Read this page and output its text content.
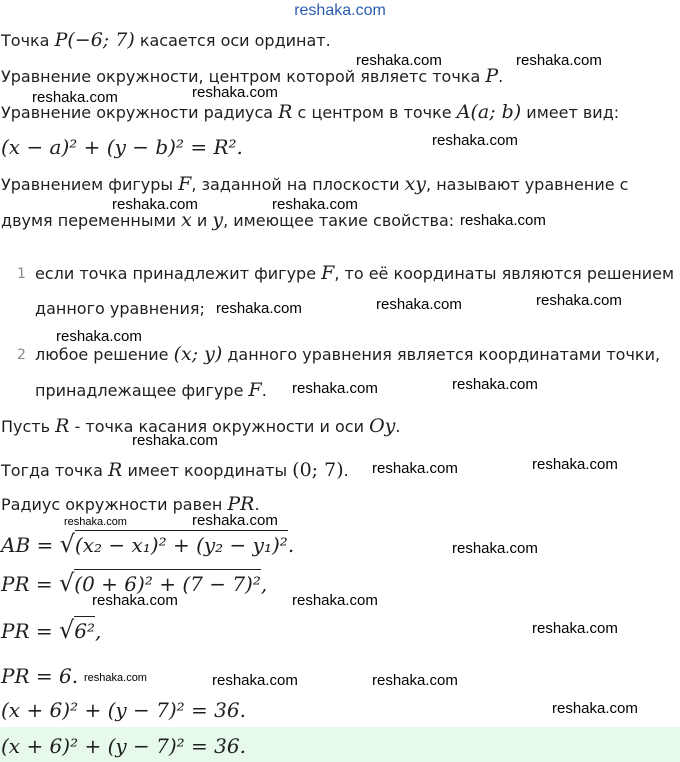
reshaka.com
Точка P(−6; 7) касается оси ординат.
Уравнение окружности, центром которой являетс точка P.
Уравнение окружности радиуса R с центром в точке A(a; b) имеет вид:
(x − a)² + (y − b)² = R².
Уравнением фигуры F, заданной на плоскости xy, называют уравнение с
двумя переменными x и y, имеющее такие свойства:
1 если точка принадлежит фигуре F, то её координаты являются решением
данного уравнения;
2 любое решение (x; y) данного уравнения является координатами точки,
принадлежащее фигуре F.
Пусть R - точка касания окружности и оси Oy.
Тогда точка R имеет координаты (0; 7).
Радиус окружности равен PR.
AB = √(x₂ − x₁)² + (y₂ − y₁)².
PR = √(0 + 6)² + (7 − 7)²,
PR = √6²,
PR = 6.
(x + 6)² + (y − 7)² = 36.
(x + 6)² + (y − 7)² = 36.
reshaka.com	reshaka.com
reshaka.com	reshaka.com
reshaka.com
reshaka.com	reshaka.com
reshaka.com
reshaka.com	reshaka.com	reshaka.com
reshaka.com
reshaka.com	reshaka.com
reshaka.com
reshaka.com	reshaka.com
reshaka.com	reshaka.com
reshaka.com
reshaka.com	reshaka.com
reshaka.com
reshaka.com	reshaka.com	reshaka.com
reshaka.com
